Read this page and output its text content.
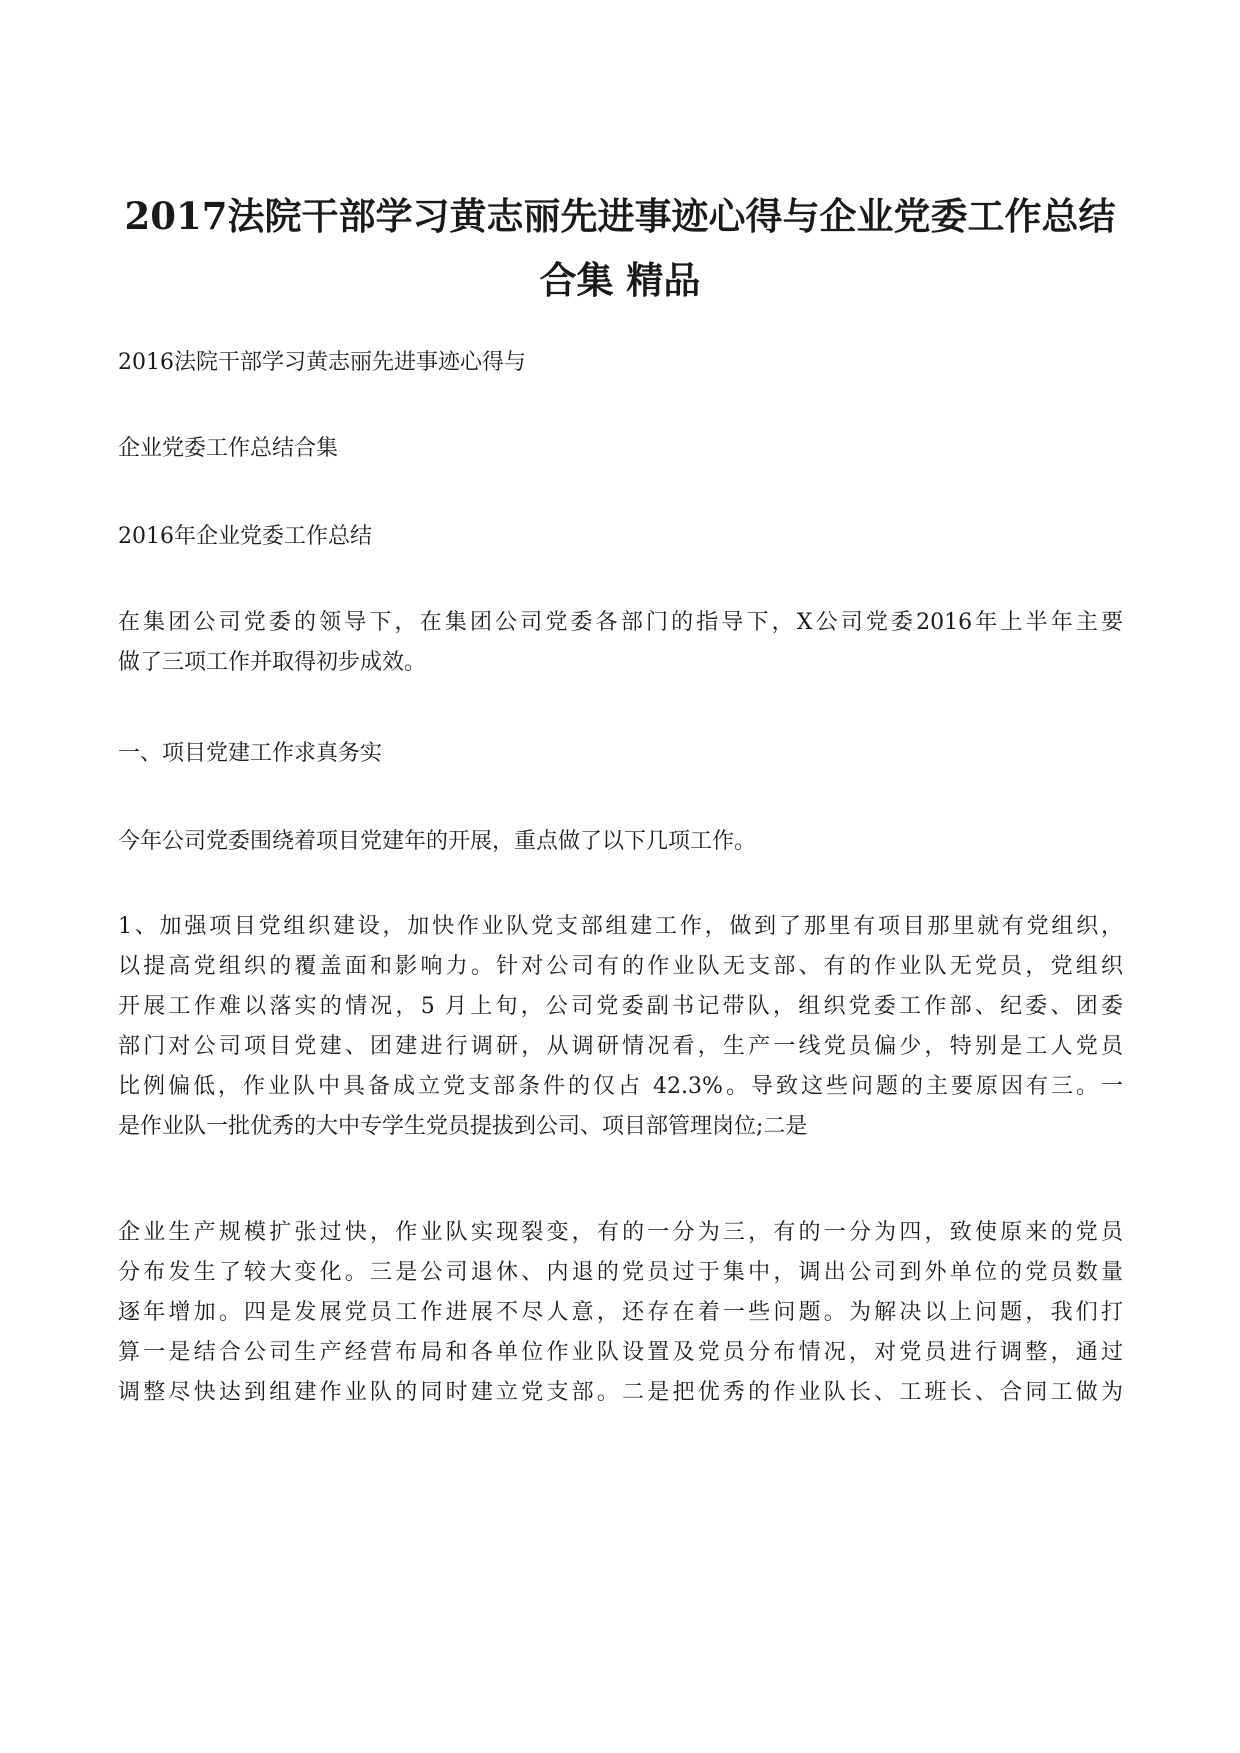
2017法院干部学习黄志丽先进事迹心得与企业党委工作总结
合集 精品

2016法院干部学习黄志丽先进事迹心得与

企业党委工作总结合集

2016年企业党委工作总结

在集团公司党委的领导下，在集团公司党委各部门的指导下，X公司党委2016年上半年主要
做了三项工作并取得初步成效。

一、项目党建工作求真务实

今年公司党委围绕着项目党建年的开展，重点做了以下几项工作。

1、加强项目党组织建设，加快作业队党支部组建工作，做到了那里有项目那里就有党组织，
以提高党组织的覆盖面和影响力。针对公司有的作业队无支部、有的作业队无党员，党组织
开展工作难以落实的情况，5 月上旬，公司党委副书记带队，组织党委工作部、纪委、团委
部门对公司项目党建、团建进行调研，从调研情况看，生产一线党员偏少，特别是工人党员
比例偏低，作业队中具备成立党支部条件的仅占 42.3%。导致这些问题的主要原因有三。一
是作业队一批优秀的大中专学生党员提拔到公司、项目部管理岗位;二是

企业生产规模扩张过快，作业队实现裂变，有的一分为三，有的一分为四，致使原来的党员
分布发生了较大变化。三是公司退休、内退的党员过于集中，调出公司到外单位的党员数量
逐年增加。四是发展党员工作进展不尽人意，还存在着一些问题。为解决以上问题，我们打
算一是结合公司生产经营布局和各单位作业队设置及党员分布情况，对党员进行调整，通过
调整尽快达到组建作业队的同时建立党支部。二是把优秀的作业队长、工班长、合同工做为
